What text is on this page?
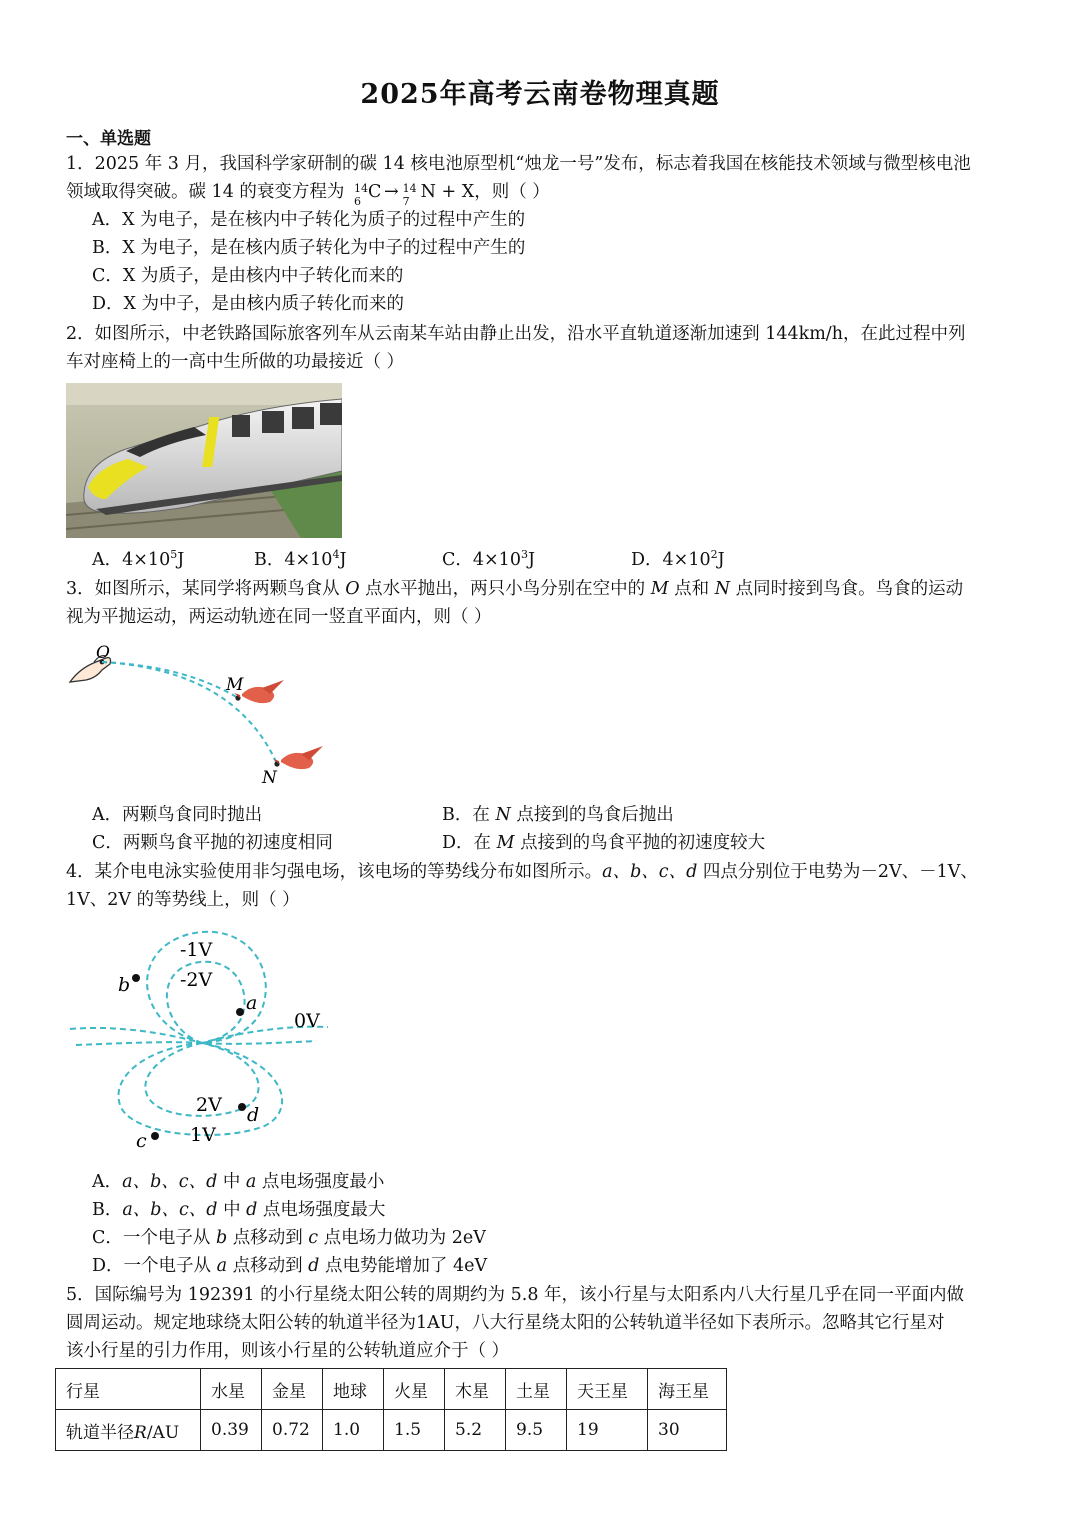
2025年高考云南卷物理真题
一、单选题
1．2025 年 3 月，我国科学家研制的碳 14 核电池原型机“烛龙一号”发布，标志着我国在核能技术领域与微型核电池
领域取得突破。碳 14 的衰变方程为 14
6 C → 14
7 N + X，则（ ）
A．X 为电子，是在核内中子转化为质子的过程中产生的
B．X 为电子，是在核内质子转化为中子的过程中产生的
C．X 为质子，是由核内中子转化而来的
D．X 为中子，是由核内质子转化而来的
2．如图所示，中老铁路国际旅客列车从云南某车站由静止出发，沿水平直轨道逐渐加速到 144km/h，在此过程中列
车对座椅上的一高中生所做的功最接近（ ）
A．$4\times 10^5J$	B．$4\times 10^4J$	C．$4\times 10^3J$	D．$4\times 10^2J$
3．如图所示，某同学将两颗鸟食从 O 点水平抛出，两只小鸟分别在空中的 M 点和 N 点同时接到鸟食。鸟食的运动
视为平抛运动，两运动轨迹在同一竖直平面内，则（ ）
O
M
N
A．两颗鸟食同时抛出	B．在 N 点接到的鸟食后抛出
C．两颗鸟食平抛的初速度相同	D．在 M 点接到的鸟食平抛的初速度较大
4．某介电电泳实验使用非匀强电场，该电场的等势线分布如图所示。a、b、c、d 四点分别位于电势为－2V、－1V、
1V、2V 的等势线上，则（ ）
-1V
-2V
0V
2V
1V
a
b
c
d
A．a、b、c、d 中 a 点电场强度最小
B．a、b、c、d 中 d 点电场强度最大
C．一个电子从 b 点移动到 c 点电场力做功为 2eV
D．一个电子从 a 点移动到 d 点电势能增加了 4eV
5．国际编号为 192391 的小行星绕太阳公转的周期约为 5.8 年，该小行星与太阳系内八大行星几乎在同一平面内做
圆周运动。规定地球绕太阳公转的轨道半径为1AU，八大行星绕太阳的公转轨道半径如下表所示。忽略其它行星对
该小行星的引力作用，则该小行星的公转轨道应介于（ ）
行星	水星	金星	地球	火星	木星	土星	天王星	海王星
轨道半径R/AU	0.39	0.72	1.0	1.5	5.2	9.5	19	30
